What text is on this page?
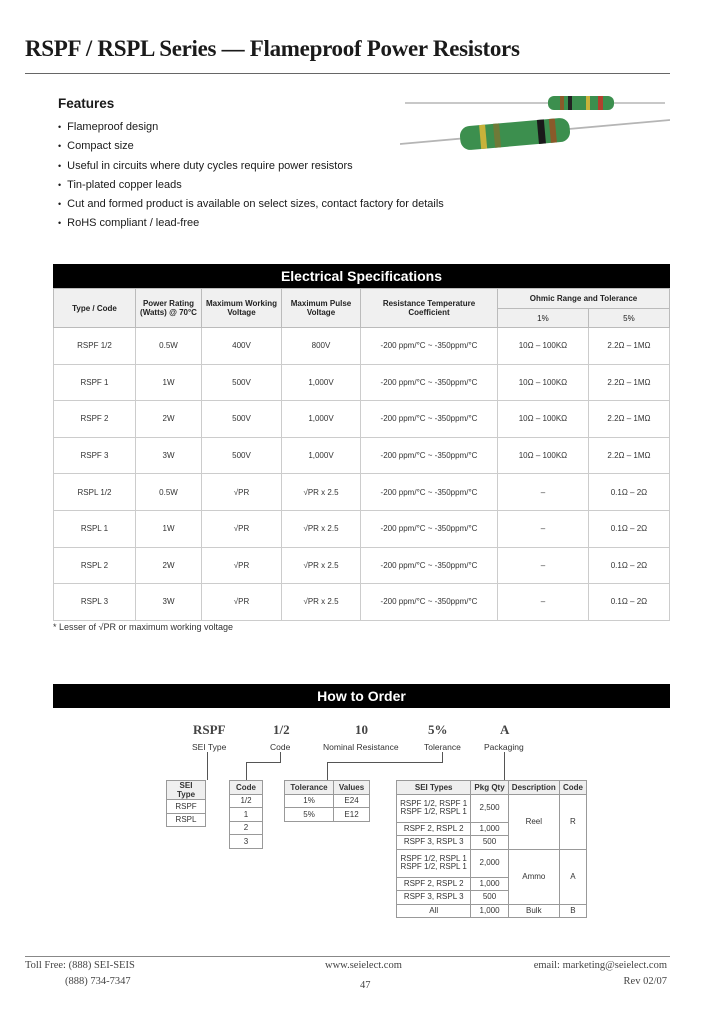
RSPF / RSPL Series — Flameproof Power Resistors
Features
• Flameproof design
• Compact size
• Useful in circuits where duty cycles require power resistors
• Tin-plated copper leads
• Cut and formed product is available on select sizes, contact factory for details
• RoHS compliant / lead-free
Electrical Specifications
Type / Code	Power Rating (Watts) @ 70°C	Maximum Working Voltage	Maximum Pulse Voltage	Resistance Temperature Coefficient	Ohmic Range and Tolerance	
					1%	5%
RSPF 1/2	0.5W	400V	800V	-200 ppm/°C ~ -350ppm/°C	10Ω – 100KΩ	2.2Ω – 1MΩ
RSPF 1	1W	500V	1,000V	-200 ppm/°C ~ -350ppm/°C	10Ω – 100KΩ	2.2Ω – 1MΩ
RSPF 2	2W	500V	1,000V	-200 ppm/°C ~ -350ppm/°C	10Ω – 100KΩ	2.2Ω – 1MΩ
RSPF 3	3W	500V	1,000V	-200 ppm/°C ~ -350ppm/°C	10Ω – 100KΩ	2.2Ω – 1MΩ
RSPL 1/2	0.5W	√PR	√PR x 2.5	-200 ppm/°C ~ -350ppm/°C	–	0.1Ω – 2Ω
RSPL 1	1W	√PR	√PR x 2.5	-200 ppm/°C ~ -350ppm/°C	–	0.1Ω – 2Ω
RSPL 2	2W	√PR	√PR x 2.5	-200 ppm/°C ~ -350ppm/°C	–	0.1Ω – 2Ω
RSPL 3	3W	√PR	√PR x 2.5	-200 ppm/°C ~ -350ppm/°C	–	0.1Ω – 2Ω
* Lesser of √PR or maximum working voltage
How to Order
RSPF	1/2	10	5%	A
SEI Type	Code	Nominal Resistance	Tolerance	Packaging
SEI Type
RSPF
RSPL
Code
1/2
1
2
3
Tolerance	Values
1%	E24
5%	E12
SEI Types	Pkg Qty	Description	Code
RSPF 1/2, RSPF 1
RSPF 1/2, RSPL 1	2,500	Reel	R
RSPF 2, RSPL 2	1,000		
RSPF 3, RSPL 3	500		
RSPF 1/2, RSPL 1
RSPF 1/2, RSPL 1	2,000	Ammo	A
RSPF 2, RSPL 2	1,000		
RSPF 3, RSPL 3	500		
All	1,000	Bulk	B
Toll Free: (888) SEI-SEIS
(888) 734-7347
www.seielect.com
47
email: marketing@seielect.com
Rev 02/07
